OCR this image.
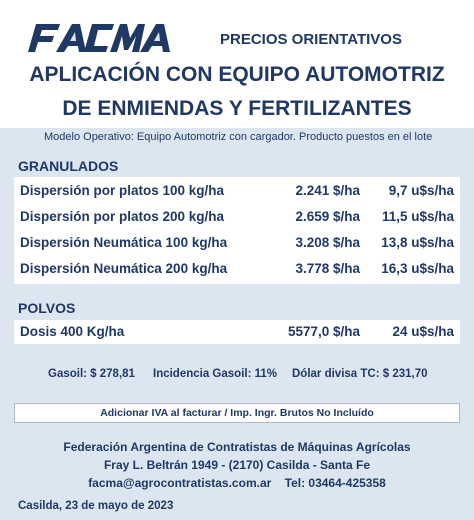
PRECIOS ORIENTATIVOS
APLICACIÓN CON EQUIPO AUTOMOTRIZ
DE ENMIENDAS Y FERTILIZANTES
Modelo Operativo: Equipo Automotriz con cargador. Producto puestos en el lote
GRANULADOS
Dispersión por platos 100 kg/ha	2.241 $/ha 9,7 u$s/ha
Dispersión por platos 200 kg/ha	2.659 $/ha 11,5 u$s/ha
Dispersión Neumática 100 kg/ha	3.208 $/ha 13,8 u$s/ha
Dispersión Neumática 200 kg/ha	3.778 $/ha 16,3 u$s/ha
POLVOS
Dosis 400 Kg/ha	5577,0 $/ha 24 u$s/ha
Gasoil: $ 278,81 Incidencia Gasoil: 11% Dólar divisa TC: $ 231,70
Adicionar IVA al facturar / Imp. Ingr. Brutos No Incluído
Federación Argentina de Contratistas de Máquinas Agrícolas
Fray L. Beltrán 1949 - (2170) Casilda - Santa Fe
facma@agrocontratistas.com.ar    Tel: 03464-425358
Casilda, 23 de mayo de 2023
